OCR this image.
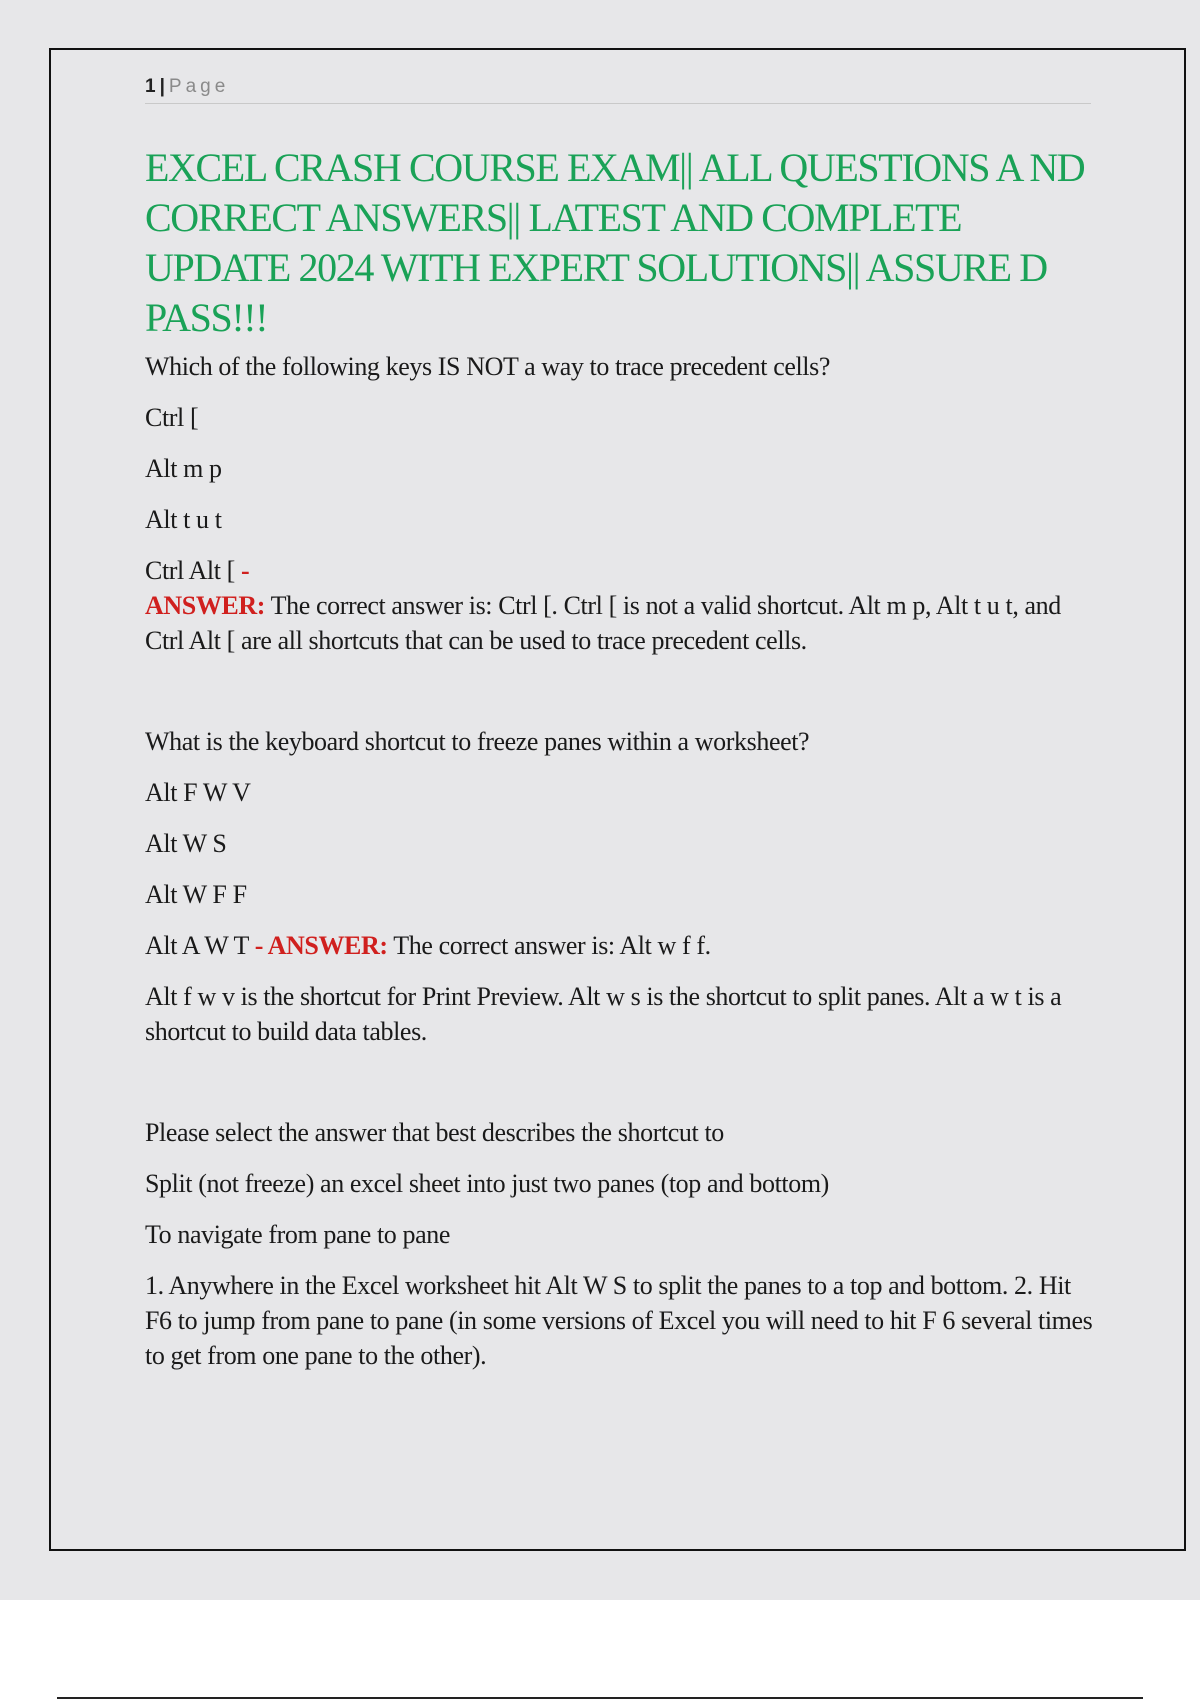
1 | Page
EXCEL CRASH COURSE EXAM|| ALL QUESTIONS A ND CORRECT ANSWERS|| LATEST AND COMPLETE UPDATE 2024 WITH EXPERT SOLUTIONS|| ASSURE D PASS!!!

Which of the following keys IS NOT a way to trace precedent cells?

Ctrl [

Alt m p

Alt t u t

Ctrl Alt [ -

ANSWER: The correct answer is: Ctrl [. Ctrl [ is not a valid shortcut. Alt m p, Alt t u t, and Ctrl Alt [ are all shortcuts that can be used to trace precedent cells.

What is the keyboard shortcut to freeze panes within a worksheet?

Alt F W V

Alt W S

Alt W F F

Alt A W T - ANSWER: The correct answer is: Alt w f f.

Alt f w v is the shortcut for Print Preview. Alt w s is the shortcut to split panes. Alt a w t is a shortcut to build data tables.

Please select the answer that best describes the shortcut to

Split (not freeze) an excel sheet into just two panes (top and bottom)

To navigate from pane to pane

1. Anywhere in the Excel worksheet hit Alt W S to split the panes to a top and bottom. 2. Hit F6 to jump from pane to pane (in some versions of Excel you will need to hit F 6 several times to get from one pane to the other).
